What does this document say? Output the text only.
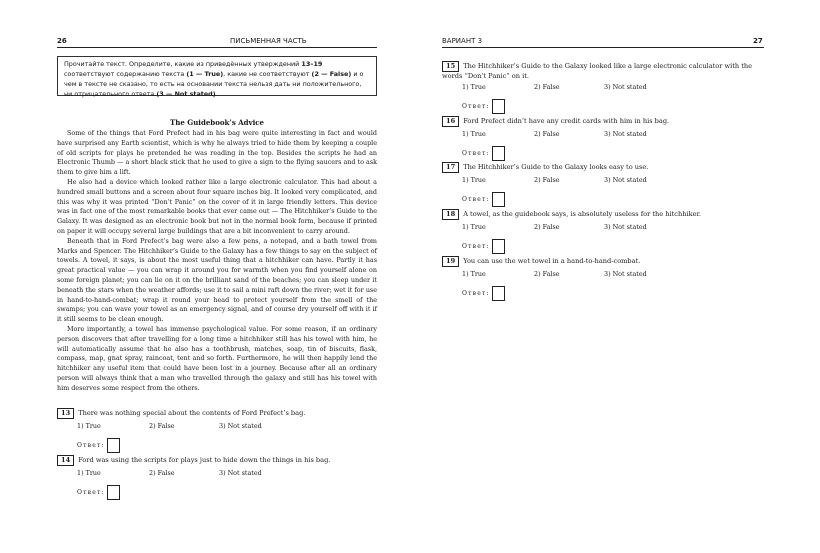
26	ПИСЬМЕННАЯ ЧАСТЬ
Прочитайте текст. Определите, какие из приведённых утверждений 13–19 соответствуют содержанию текста (1 — True), какие не соответствуют (2 — False) и о чем в тексте не сказано, то есть на основании текста нельзя дать ни положительного, ни отрицательного ответа (3 — Not stated).
The Guidebook’s Advice

Some of the things that Ford Prefect had in his bag were quite interesting in fact and would have surprised any Earth scientist, which is why he always tried to hide them by keeping a couple of old scripts for plays he pretended he was reading in the top. Besides the scripts he had an Electronic Thumb — a short black stick that he used to give a sign to the flying saucers and to ask them to give him a lift.

He also had a device which looked rather like a large electronic calculator. This had about a hundred small buttons and a screen about four square inches big. It looked very complicated, and this was why it was printed “Don’t Panic” on the cover of it in large friendly letters. This device was in fact one of the most remarkable books that ever came out — The Hitchhiker’s Guide to the Galaxy. It was designed as an electronic book but not in the normal book form, because if printed on paper it will occupy several large buildings that are a bit inconvenient to carry around.

Beneath that in Ford Prefect’s bag were also a few pens, a notepad, and a bath towel from Marks and Spencer. The Hitchhiker’s Guide to the Galaxy has a few things to say on the subject of towels. A towel, it says, is about the most useful thing that a hitchhiker can have. Partly it has great practical value — you can wrap it around you for warmth when you find yourself alone on some foreign planet; you can lie on it on the brilliant sand of the beaches; you can sleep under it beneath the stars when the weather affords; use it to sail a mini raft down the river; wet it for use in hand-to-hand-combat; wrap it round your head to protect yourself from the smell of the swamps; you can wave your towel as an emergency signal, and of course dry yourself off with it if it still seems to be clean enough.

More importantly, a towel has immense psychological value. For some reason, if an ordinary person discovers that after travelling for a long time a hitchhiker still has his towel with him, he will automatically assume that he also has a toothbrush, matches, soap, tin of biscuits, flask, compass, map, gnat spray, raincoat, tent and so forth. Furthermore, he will then happily lend the hitchhiker any useful item that could have been lost in a journey. Because after all an ordinary person will always think that a man who travelled through the galaxy and still has his towel with him deserves some respect from the others.

13 There was nothing special about the contents of Ford Prefect’s bag.
1) True	2) False	3) Not stated
Ответ:
14 Ford was using the scripts for plays just to hide down the things in his bag.
1) True	2) False	3) Not stated
Ответ:
ВАРИАНТ 3	27
15 The Hitchhiker’s Guide to the Galaxy looked like a large electronic calculator with the words “Don’t Panic” on it.
1) True	2) False	3) Not stated
Ответ:
16 Ford Prefect didn’t have any credit cards with him in his bag.
1) True	2) False	3) Not stated
Ответ:
17 The Hitchhiker’s Guide to the Galaxy looks easy to use.
1) True	2) False	3) Not stated
Ответ:
18 A towel, as the guidebook says, is absolutely useless for the hitchhiker.
1) True	2) False	3) Not stated
Ответ:
19 You can use the wet towel in a hand-to-hand-combat.
1) True	2) False	3) Not stated
Ответ:
